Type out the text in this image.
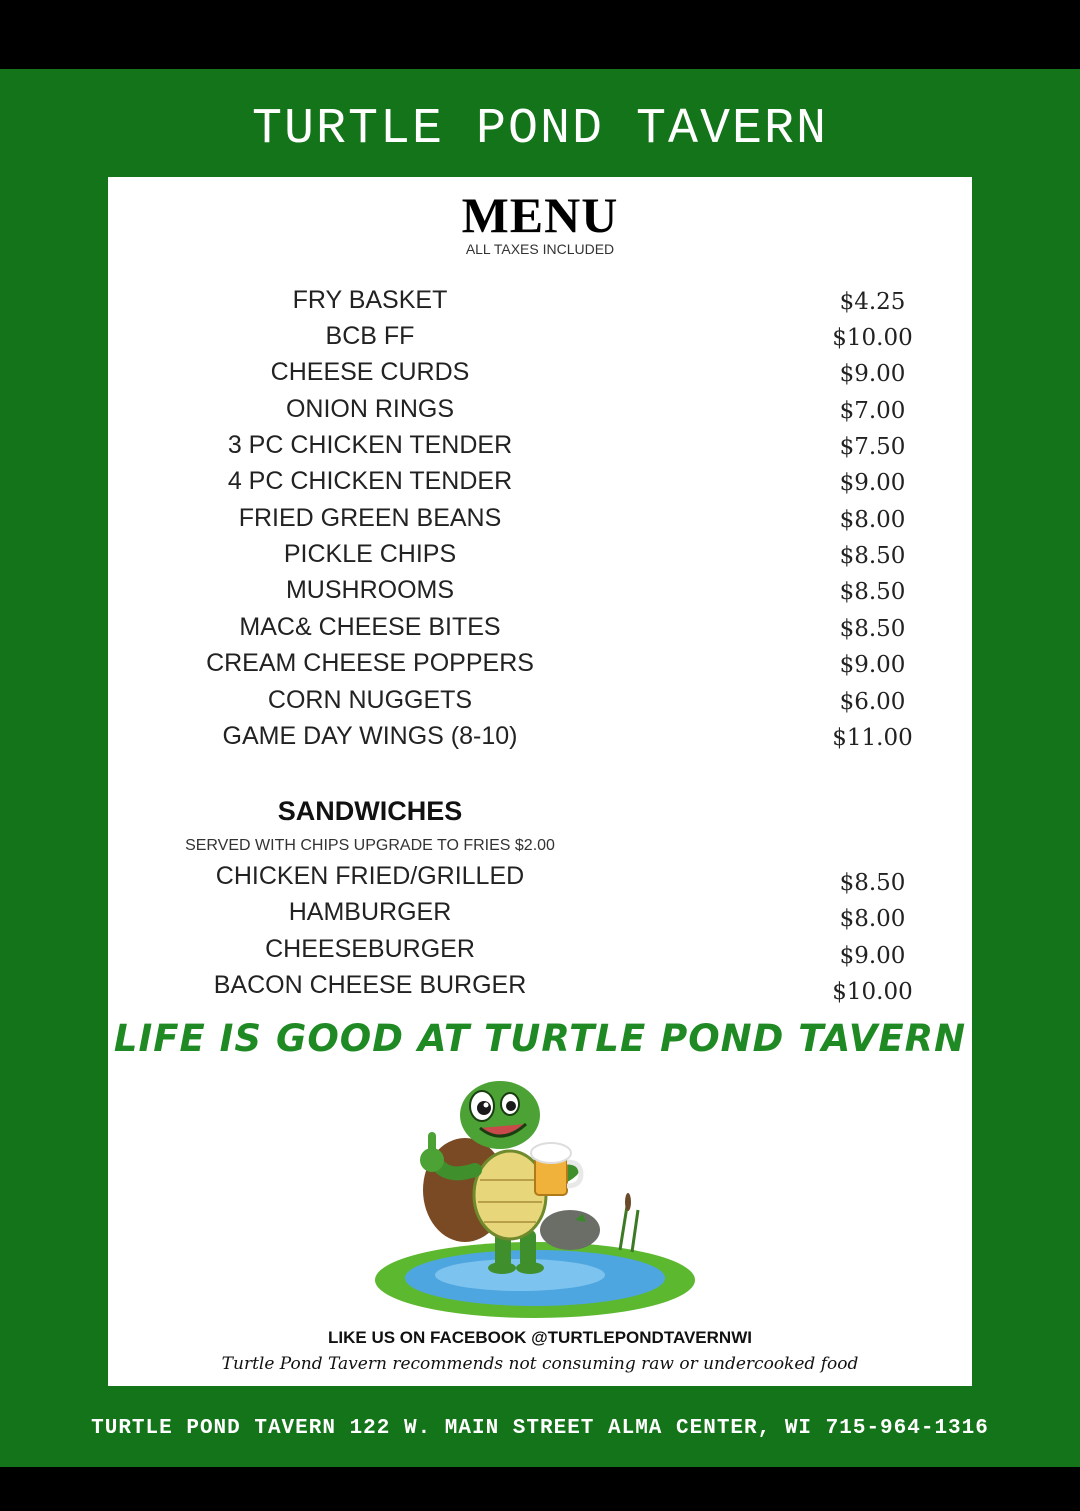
TURTLE POND TAVERN
MENU
ALL TAXES INCLUDED
FRY BASKET	$4.25
BCB FF	$10.00
CHEESE CURDS	$9.00
ONION RINGS	$7.00
3 PC CHICKEN TENDER	$7.50
4 PC CHICKEN TENDER	$9.00
FRIED GREEN BEANS	$8.00
PICKLE CHIPS	$8.50
MUSHROOMS	$8.50
MAC& CHEESE BITES	$8.50
CREAM CHEESE POPPERS	$9.00
CORN NUGGETS	$6.00
GAME DAY WINGS (8-10)	$11.00
SANDWICHES
SERVED WITH CHIPS UPGRADE TO FRIES $2.00
CHICKEN FRIED/GRILLED	$8.50
HAMBURGER	$8.00
CHEESEBURGER	$9.00
BACON CHEESE BURGER	$10.00
LIFE IS GOOD AT TURTLE POND TAVERN
LIKE US ON FACEBOOK @TURTLEPONDTAVERNWI
Turtle Pond Tavern recommends not consuming raw or undercooked food
TURTLE POND TAVERN 122 W. MAIN STREET ALMA CENTER, WI 715-964-1316
